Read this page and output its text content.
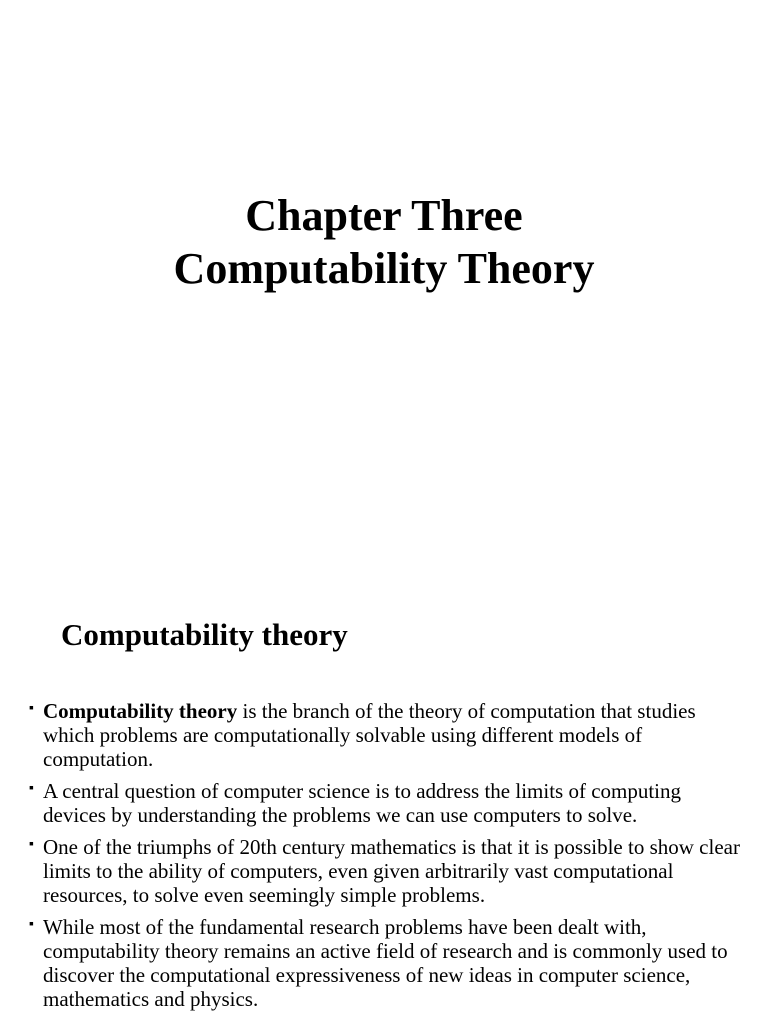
Chapter Three
Computability Theory
Computability theory
▪ Computability theory is the branch of the theory of computation that studies which problems are computationally solvable using different models of computation.
▪ A central question of computer science is to address the limits of computing devices by understanding the problems we can use computers to solve.
▪ One of the triumphs of 20th century mathematics is that it is possible to show clear limits to the ability of computers, even given arbitrarily vast computational resources, to solve even seemingly simple problems.
▪ While most of the fundamental research problems have been dealt with, computability theory remains an active field of research and is commonly used to discover the computational expressiveness of new ideas in computer science, mathematics and physics.
